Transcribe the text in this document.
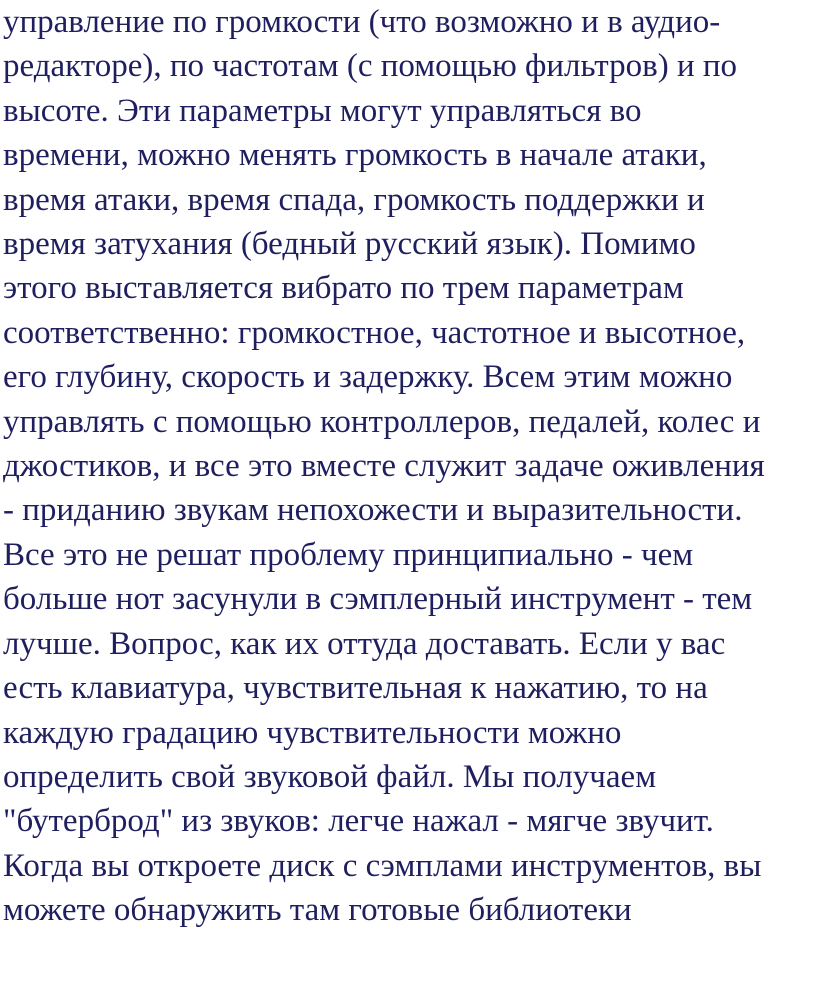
управление по громкости (что возможно и в аудио-
редакторе), по частотам (с помощью фильтров) и по
высоте. Эти параметры могут управляться во
времени, можно менять громкость в начале атаки,
время атаки, время спада, громкость поддержки и
время затухания (бедный русский язык). Помимо
этого выставляется вибрато по трем параметрам
соответственно: громкостное, частотное и высотное,
его глубину, скорость и задержку. Всем этим можно
управлять с помощью контроллеров, педалей, колес и
джостиков, и все это вместе служит задаче оживления
- приданию звукам непохожести и выразительности.
Все это не решат проблему принципиально - чем
больше нот засунули в сэмплерный инструмент - тем
лучше. Вопрос, как их оттуда доставать. Если у вас
есть клавиатура, чувствительная к нажатию, то на
каждую градацию чувствительности можно
определить свой звуковой файл. Мы получаем
"бутерброд" из звуков: легче нажал - мягче звучит.
Когда вы откроете диск с сэмплами инструментов, вы
можете обнаружить там готовые библиотеки
